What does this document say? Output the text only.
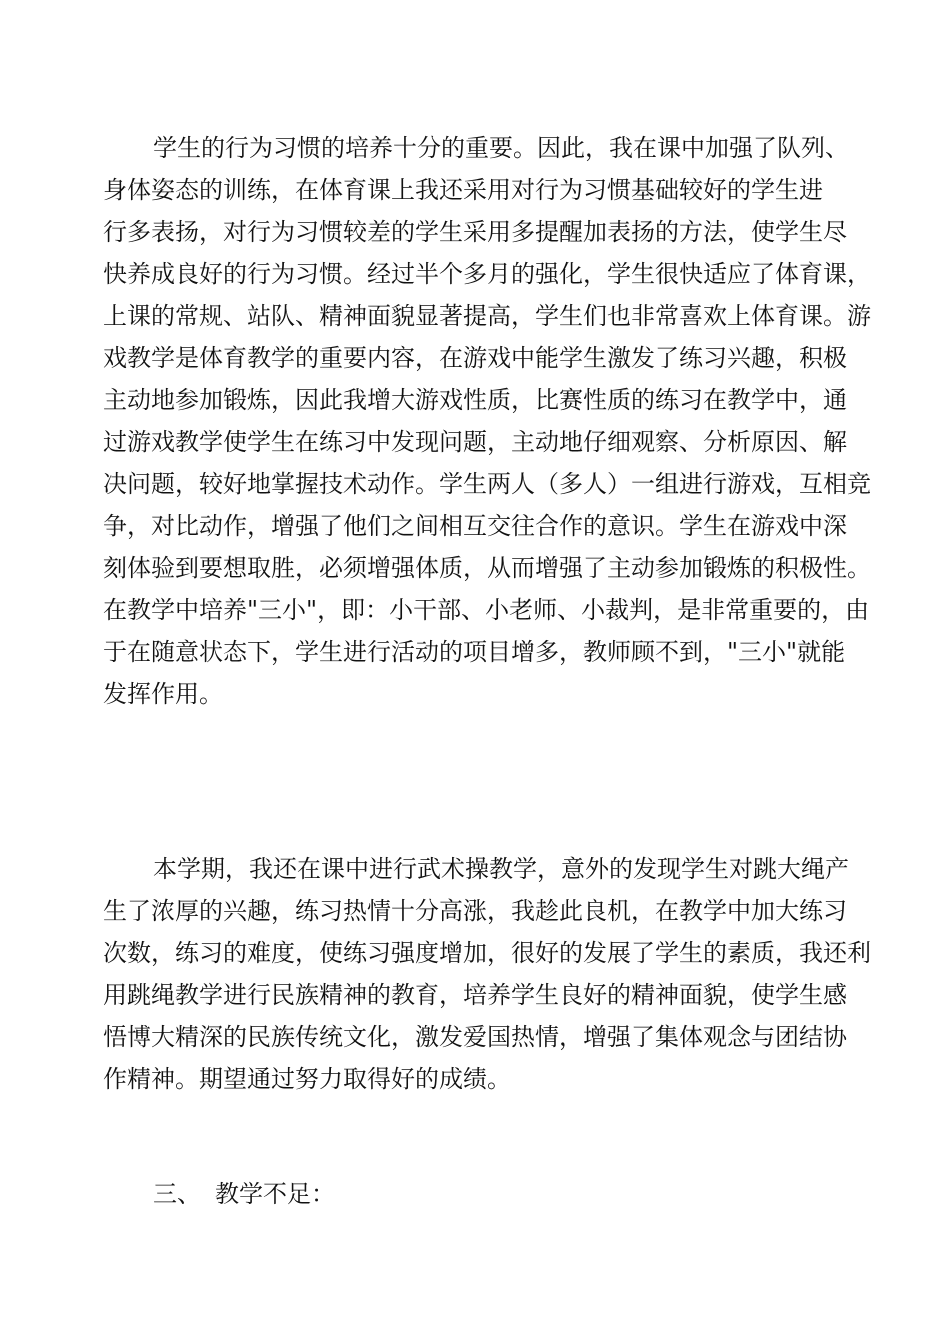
学生的行为习惯的培养十分的重要。因此，我在课中加强了队列、
身体姿态的训练，在体育课上我还采用对行为习惯基础较好的学生进
行多表扬，对行为习惯较差的学生采用多提醒加表扬的方法，使学生尽
快养成良好的行为习惯。经过半个多月的强化，学生很快适应了体育课，
上课的常规、站队、精神面貌显著提高，学生们也非常喜欢上体育课。游
戏教学是体育教学的重要内容，在游戏中能学生激发了练习兴趣，积极
主动地参加锻炼，因此我增大游戏性质，比赛性质的练习在教学中，通
过游戏教学使学生在练习中发现问题，主动地仔细观察、分析原因、解
决问题，较好地掌握技术动作。学生两人（多人）一组进行游戏，互相竞
争，对比动作，增强了他们之间相互交往合作的意识。学生在游戏中深
刻体验到要想取胜，必须增强体质，从而增强了主动参加锻炼的积极性。
在教学中培养"三小"，即：小干部、小老师、小裁判，是非常重要的，由
于在随意状态下，学生进行活动的项目增多，教师顾不到，"三小"就能
发挥作用。
本学期，我还在课中进行武术操教学，意外的发现学生对跳大绳产
生了浓厚的兴趣，练习热情十分高涨，我趁此良机，在教学中加大练习
次数，练习的难度，使练习强度增加，很好的发展了学生的素质，我还利
用跳绳教学进行民族精神的教育，培养学生良好的精神面貌，使学生感
悟博大精深的民族传统文化，激发爱国热情，增强了集体观念与团结协
作精神。期望通过努力取得好的成绩。
三、 教学不足：
